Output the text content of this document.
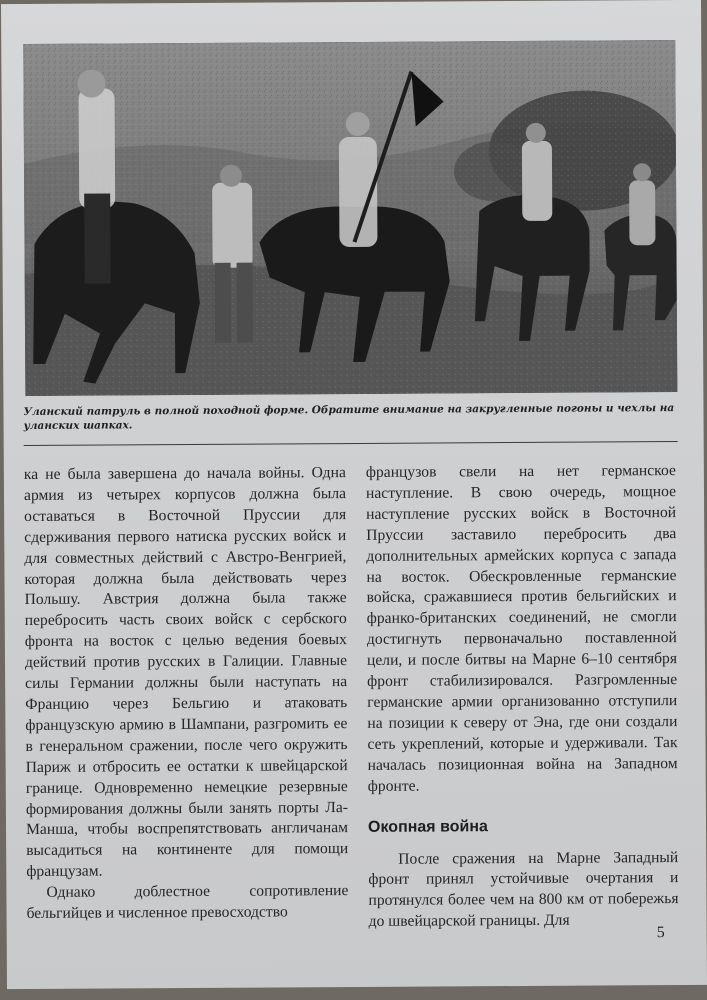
Уланский патруль в полной походной форме. Обратите внимание на закругленные погоны и чехлы на уланских шапках.

ка не была завершена до начала войны. Одна армия из четырех корпусов должна была оставаться в Восточной Пруссии для сдерживания первого натиска русских войск и для совместных действий с Австро-Венгрией, которая должна была действовать через Польшу. Австрия должна была также перебросить часть своих войск с сербского фронта на восток с целью ведения боевых действий против русских в Галиции. Главные силы Германии должны были наступать на Францию через Бельгию и атаковать французскую армию в Шампани, разгромить ее в генеральном сражении, после чего окружить Париж и отбросить ее остатки к швейцарской границе. Одновременно немецкие резервные формирования должны были занять порты Ла-Манша, чтобы воспрепятствовать англичанам высадиться на континенте для помощи французам.

Однако доблестное сопротивление бельгийцев и численное превосходство

французов свели на нет германское наступление. В свою очередь, мощное наступление русских войск в Восточной Пруссии заставило перебросить два дополнительных армейских корпуса с запада на восток. Обескровленные германские войска, сражавшиеся против бельгийских и франко-британских соединений, не смогли достигнуть первоначально поставленной цели, и после битвы на Марне 6–10 сентября фронт стабилизировался. Разгромленные германские армии организованно отступили на позиции к северу от Эна, где они создали сеть укреплений, которые и удерживали. Так началась позиционная война на Западном фронте.

Окопная война

После сражения на Марне Западный фронт принял устойчивые очертания и протянулся более чем на 800 км от побережья до швейцарской границы. Для

5
